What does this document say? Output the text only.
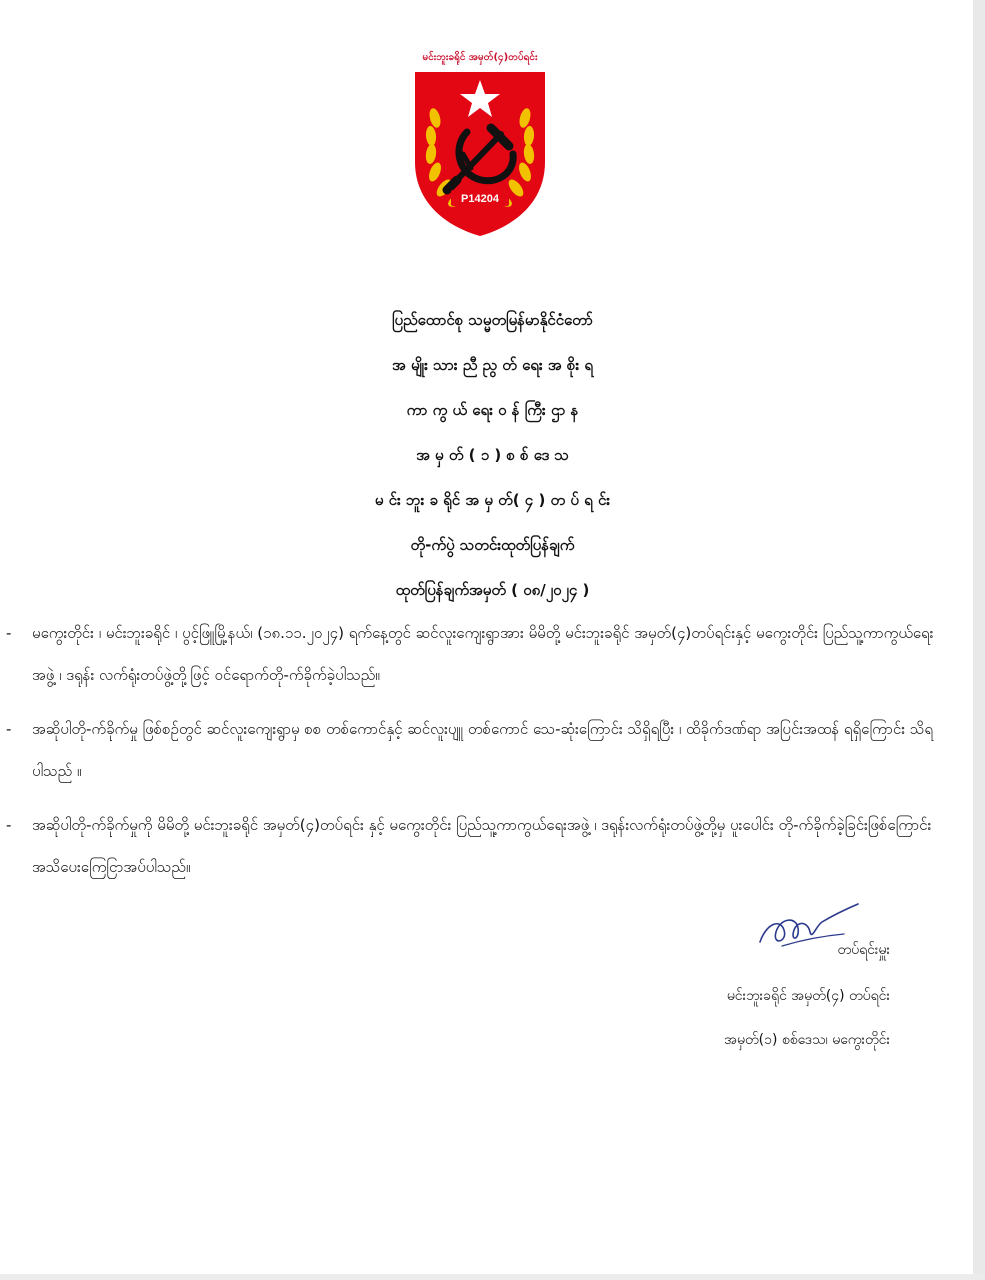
မင်းဘူးခရိုင် အမှတ်(၄)တပ်ရင်း
P14204
ပြည်ထောင်စု သမ္မတမြန်မာနိုင်ငံတော်
အ မျိုး သား ညီ ညွ တ် ရေး အ စိုး ရ
ကာ ကွ ယ် ရေး ဝ န် ကြီး ဌာ န
အ မှ တ် ( ၁ ) စ စ် ဒေ သ
မ င်း ဘူး ခ ရိုင် အ မှ တ်( ၄ ) တ ပ် ရ င်း
တို-က်ပွဲ သတင်းထုတ်ပြန်ချက်
ထုတ်ပြန်ချက်အမှတ် ( ဝ၈/၂ဝ၂၄ )
- မကွေးတိုင်း ၊ မင်းဘူးခရိုင် ၊ ပွင့်ဖြူမြို့နယ်၊ (၁၈.၁၁.၂ဝ၂၄) ရက်နေ့တွင် ဆင်လူးကျေးရွာအား မိမိတို့ မင်းဘူးခရိုင် အမှတ်(၄)တပ်ရင်းနှင့် မကွေးတိုင်း ပြည်သူ့ကာကွယ်ရေးအဖွဲ့ ၊ ဒရုန်း လက်ရုံးတပ်ဖွဲ့တို့ဖြင့် ဝင်ရောက်တို-က်ခိုက်ခဲ့ပါသည်။
- အဆိုပါတို-က်ခိုက်မှု ဖြစ်စဉ်တွင် ဆင်လူးကျေးရွာမှ စစ တစ်ကောင်နှင့် ဆင်လူးပျူ တစ်ကောင် သေ-ဆုံးကြောင်း သိရှိရပြီး ၊ ထိခိုက်ဒဏ်ရာ အပြင်းအထန် ရရှိကြောင်း သိရပါသည် ။
- အဆိုပါတို-က်ခိုက်မှုကို မိမိတို့ မင်းဘူးခရိုင် အမှတ်(၄)တပ်ရင်း နှင့် မကွေးတိုင်း ပြည်သူ့ကာကွယ်ရေးအဖွဲ့ ၊ ဒရုန်းလက်ရုံးတပ်ဖွဲ့တို့မှ ပူးပေါင်း တို-က်ခိုက်ခဲ့ခြင်းဖြစ်ကြောင်း အသိပေးကြေငြာအပ်ပါသည်။
တပ်ရင်းမှူး
မင်းဘူးခရိုင် အမှတ်(၄) တပ်ရင်း
အမှတ်(၁) စစ်ဒေသ၊ မကွေးတိုင်း
